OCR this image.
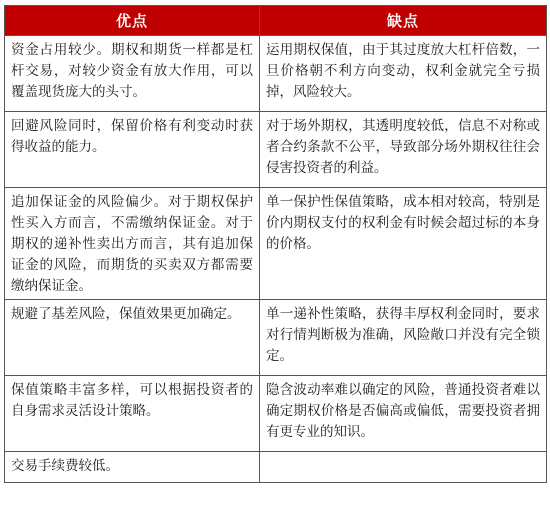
优点	缺点
资金占用较少。期权和期货一样都是杠杆交易，对较少资金有放大作用，可以覆盖现货庞大的头寸。	运用期权保值，由于其过度放大杠杆倍数，一旦价格朝不利方向变动，权利金就完全亏损掉，风险较大。
回避风险同时，保留价格有利变动时获得收益的能力。	对于场外期权，其透明度较低，信息不对称或者合约条款不公平，导致部分场外期权往往会侵害投资者的利益。
追加保证金的风险偏少。对于期权保护性买入方而言，不需缴纳保证金。对于期权的递补性卖出方而言，其有追加保证金的风险，而期货的买卖双方都需要缴纳保证金。	单一保护性保值策略，成本相对较高，特别是价内期权支付的权利金有时候会超过标的本身的价格。
规避了基差风险，保值效果更加确定。	单一递补性策略，获得丰厚权利金同时，要求对行情判断极为准确，风险敞口并没有完全锁定。
保值策略丰富多样，可以根据投资者的自身需求灵活设计策略。	隐含波动率难以确定的风险，普通投资者难以确定期权价格是否偏高或偏低，需要投资者拥有更专业的知识。
交易手续费较低。	
